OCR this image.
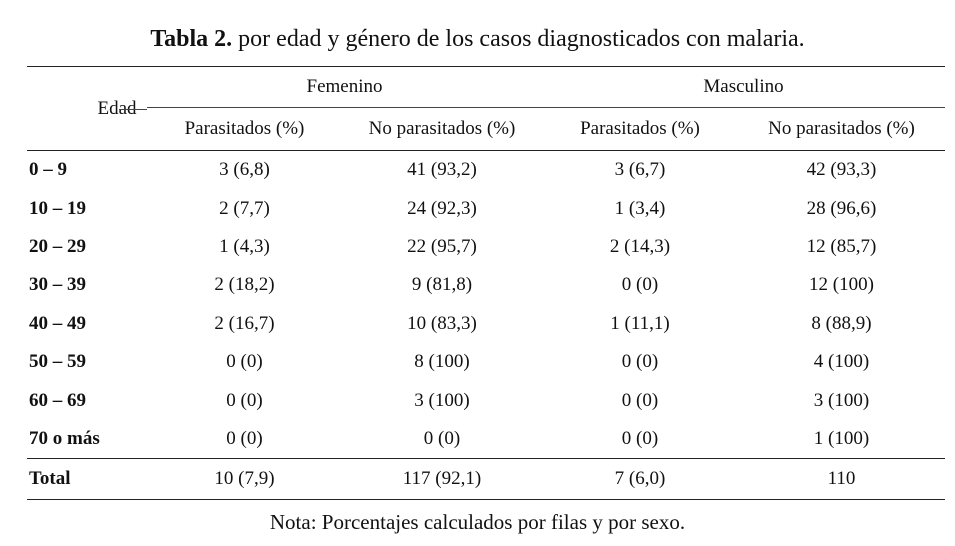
Tabla 2. por edad y género de los casos diagnosticados con malaria.
Edad	Femenino		Masculino	
	Parasitados (%)	No parasitados (%)	Parasitados (%)	No parasitados (%)
0 – 9	3 (6,8)	41 (93,2)	3 (6,7)	42 (93,3)
10 – 19	2 (7,7)	24 (92,3)	1 (3,4)	28 (96,6)
20 – 29	1 (4,3)	22 (95,7)	2 (14,3)	12 (85,7)
30 – 39	2 (18,2)	9 (81,8)	0 (0)	12 (100)
40 – 49	2 (16,7)	10 (83,3)	1 (11,1)	8 (88,9)
50 – 59	0 (0)	8 (100)	0 (0)	4 (100)
60 – 69	0 (0)	3 (100)	0 (0)	3 (100)
70 o más	0 (0)	0 (0)	0 (0)	1 (100)
Total	10 (7,9)	117 (92,1)	7 (6,0)	110
Nota: Porcentajes calculados por filas y por sexo.
